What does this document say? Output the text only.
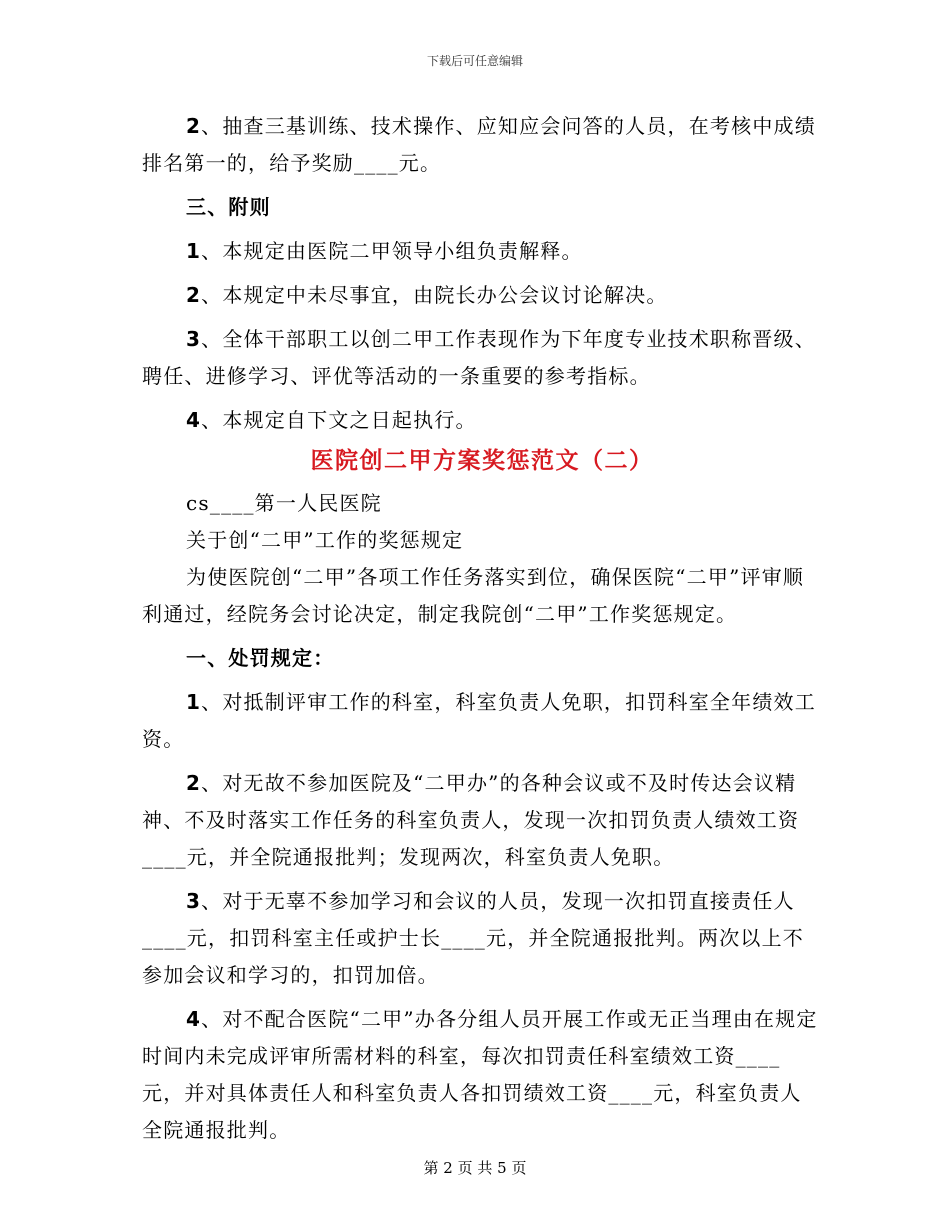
下载后可任意编辑

2、抽查三基训练、技术操作、应知应会问答的人员，在考核中成绩排名第一的，给予奖励____元。

三、附则

1、本规定由医院二甲领导小组负责解释。

2、本规定中未尽事宜，由院长办公会议讨论解决。

3、全体干部职工以创二甲工作表现作为下年度专业技术职称晋级、聘任、进修学习、评优等活动的一条重要的参考指标。

4、本规定自下文之日起执行。

医院创二甲方案奖惩范文（二）

cs____第一人民医院

关于创“二甲”工作的奖惩规定

为使医院创“二甲”各项工作任务落实到位，确保医院“二甲”评审顺利通过，经院务会讨论决定，制定我院创“二甲”工作奖惩规定。

一、处罚规定：

1、对抵制评审工作的科室，科室负责人免职，扣罚科室全年绩效工资。

2、对无故不参加医院及“二甲办”的各种会议或不及时传达会议精神、不及时落实工作任务的科室负责人，发现一次扣罚负责人绩效工资____元，并全院通报批判；发现两次，科室负责人免职。

3、对于无辜不参加学习和会议的人员，发现一次扣罚直接责任人____元，扣罚科室主任或护士长____元，并全院通报批判。两次以上不参加会议和学习的，扣罚加倍。

4、对不配合医院“二甲”办各分组人员开展工作或无正当理由在规定时间内未完成评审所需材料的科室，每次扣罚责任科室绩效工资____元，并对具体责任人和科室负责人各扣罚绩效工资____元，科室负责人全院通报批判。

第 2 页 共 5 页
